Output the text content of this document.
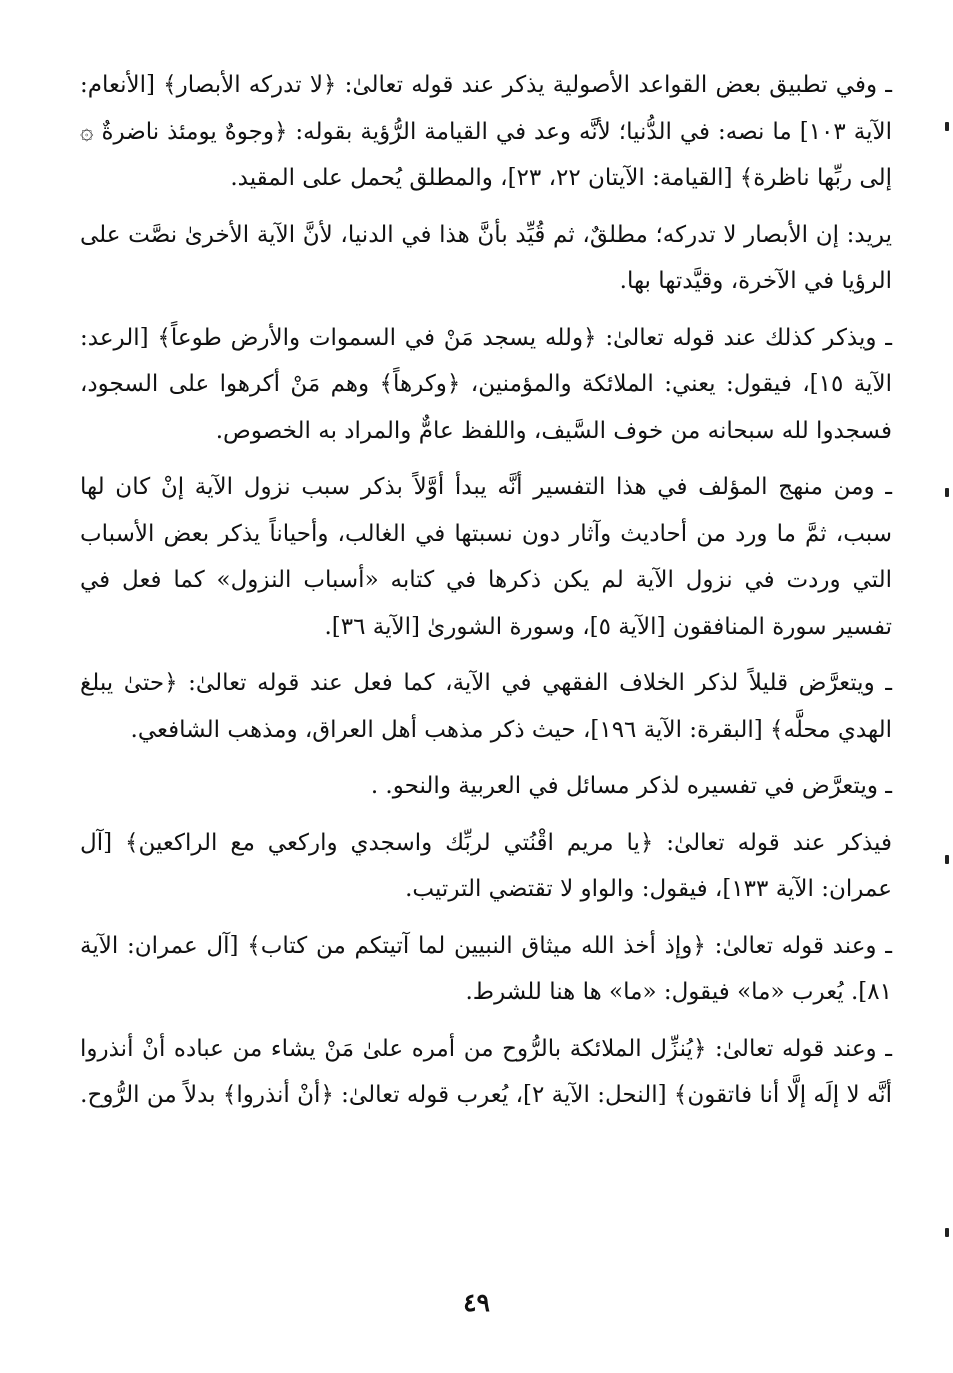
ـ وفي تطبيق بعض القواعد الأصولية يذكر عند قوله تعالىٰ: ﴿لا تدركه الأبصار﴾ [الأنعام: الآية ١٠٣] ما نصه: في الدُّنيا؛ لأنَّه وعد في القيامة الرُّؤية بقوله: ﴿وجوهٌ يومئذ ناضرةٌ ۞ إلى ربِّها ناظرة﴾ [القيامة: الآيتان ٢٢، ٢٣]، والمطلق يُحمل على المقيد.

يريد: إن الأبصار لا تدركه؛ مطلقٌ، ثم قُيِّد بأنَّ هذا في الدنيا، لأنَّ الآية الأخرىٰ نصَّت على الرؤيا في الآخرة، وقيَّدتها بها.

ـ ويذكر كذلك عند قوله تعالىٰ: ﴿ولله يسجد مَنْ في السموات والأرض طوعاً﴾ [الرعد: الآية ١٥]، فيقول: يعني: الملائكة والمؤمنين، ﴿وكرهاً﴾ وهم مَنْ أكرهوا على السجود، فسجدوا لله سبحانه من خوف السَّيف، واللفظ عامٌّ والمراد به الخصوص.

ـ ومن منهج المؤلف في هذا التفسير أنَّه يبدأ أوَّلاً بذكر سبب نزول الآية إنْ كان لها سبب، ثمَّ ما ورد من أحاديث وآثار دون نسبتها في الغالب، وأحياناً يذكر بعض الأسباب التي وردت في نزول الآية لم يكن ذكرها في كتابه «أسباب النزول» كما فعل في تفسير سورة المنافقون [الآية ٥]، وسورة الشورىٰ [الآية ٣٦].

ـ ويتعرَّض قليلاً لذكر الخلاف الفقهي في الآية، كما فعل عند قوله تعالىٰ: ﴿حتىٰ يبلغ الهدي محلَّه﴾ [البقرة: الآية ١٩٦]، حيث ذكر مذهب أهل العراق، ومذهب الشافعي.

ـ ويتعرَّض في تفسيره لذكر مسائل في العربية والنحو. .

فيذكر عند قوله تعالىٰ: ﴿يا مريم اقْنُتي لربِّك واسجدي واركعي مع الراكعين﴾ [آل عمران: الآية ١٣٣]، فيقول: والواو لا تقتضي الترتيب.

ـ وعند قوله تعالىٰ: ﴿وإذ أخذ الله ميثاق النبيين لما آتيتكم من كتاب﴾ [آل عمران: الآية ٨١]. يُعرب «ما» فيقول: «ما» ها هنا للشرط.

ـ وعند قوله تعالىٰ: ﴿يُنزِّل الملائكة بالرُّوح من أمره علىٰ مَنْ يشاء من عباده أنْ أنذروا أنَّه لا إلَه إلَّا أنا فاتقون﴾ [النحل: الآية ٢]، يُعرب قوله تعالىٰ: ﴿أنْ أنذروا﴾ بدلاً من الرُّوح.

٤٩
